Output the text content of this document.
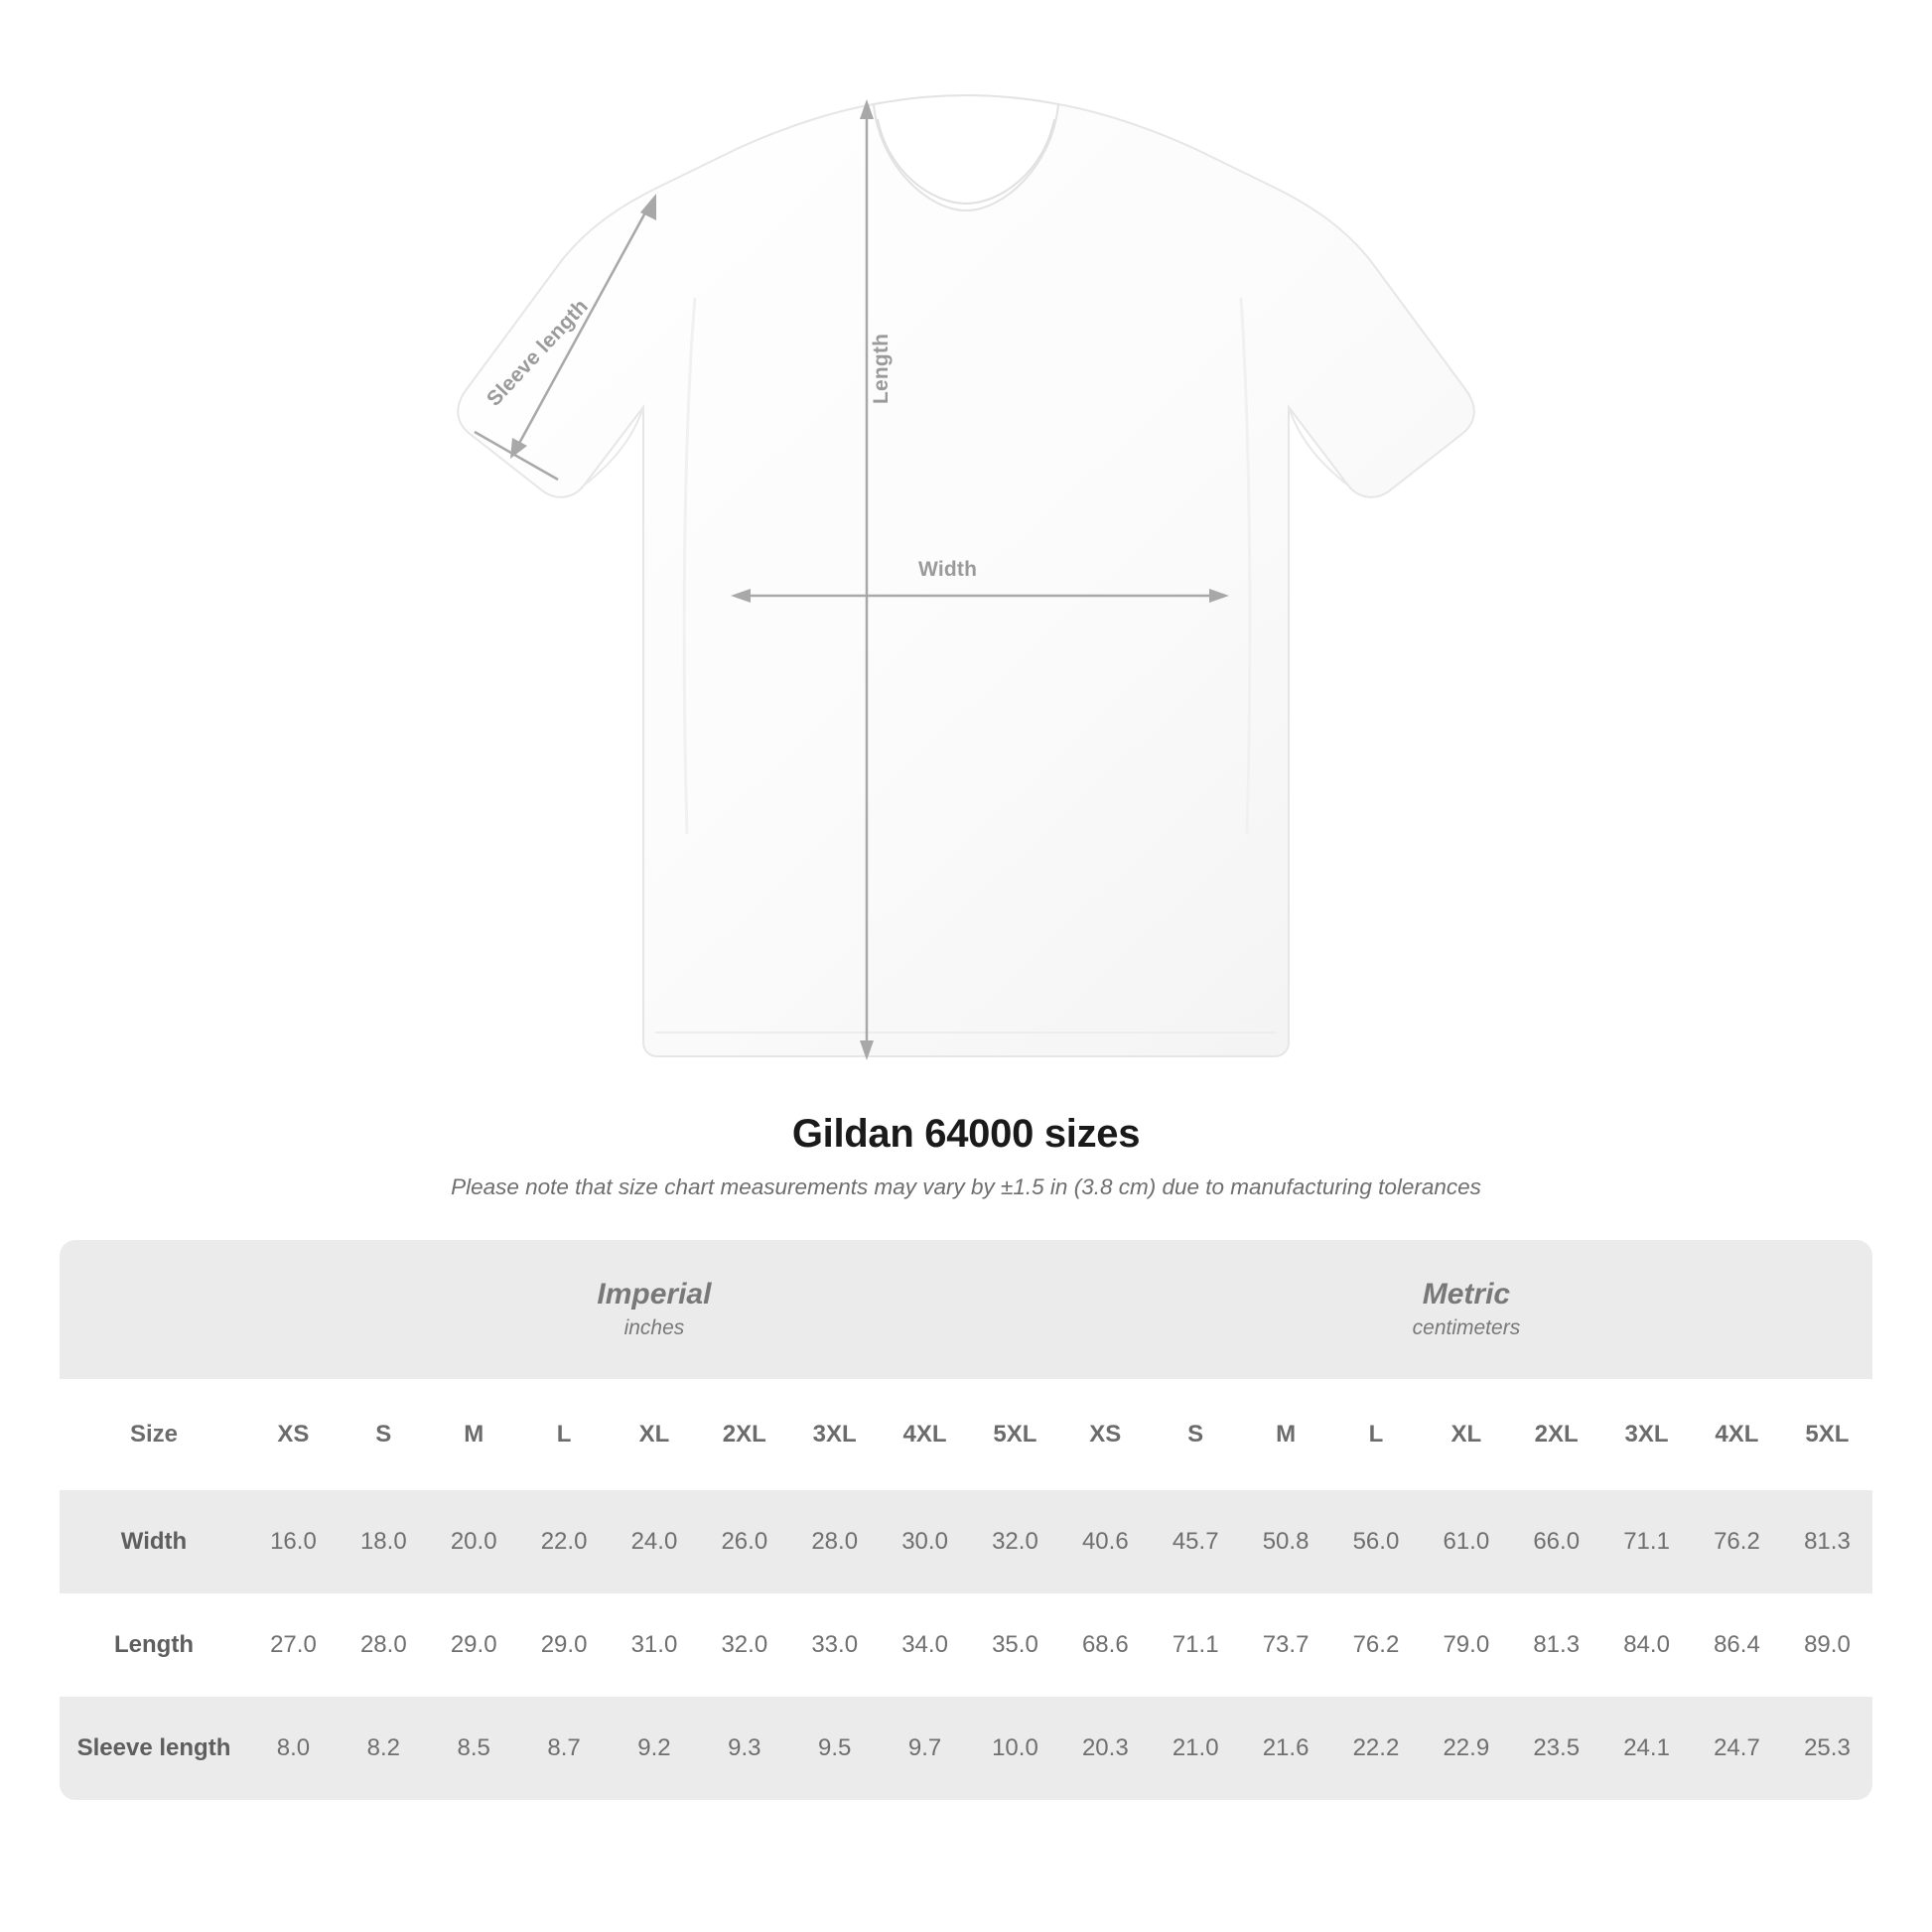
Width
Length
Sleeve length
Gildan 64000 sizes

Please note that size chart measurements may vary by ±1.5 in (3.8 cm) due to manufacturing tolerances

Imperial
inches

Metric
centimeters

Size	XS	S	M	L	XL	2XL	3XL	4XL	5XL	XS	S	M	L	XL	2XL	3XL	4XL	5XL
Width	16.0	18.0	20.0	22.0	24.0	26.0	28.0	30.0	32.0	40.6	45.7	50.8	56.0	61.0	66.0	71.1	76.2	81.3
Length	27.0	28.0	29.0	29.0	31.0	32.0	33.0	34.0	35.0	68.6	71.1	73.7	76.2	79.0	81.3	84.0	86.4	89.0
Sleeve length	8.0	8.2	8.5	8.7	9.2	9.3	9.5	9.7	10.0	20.3	21.0	21.6	22.2	22.9	23.5	24.1	24.7	25.3
